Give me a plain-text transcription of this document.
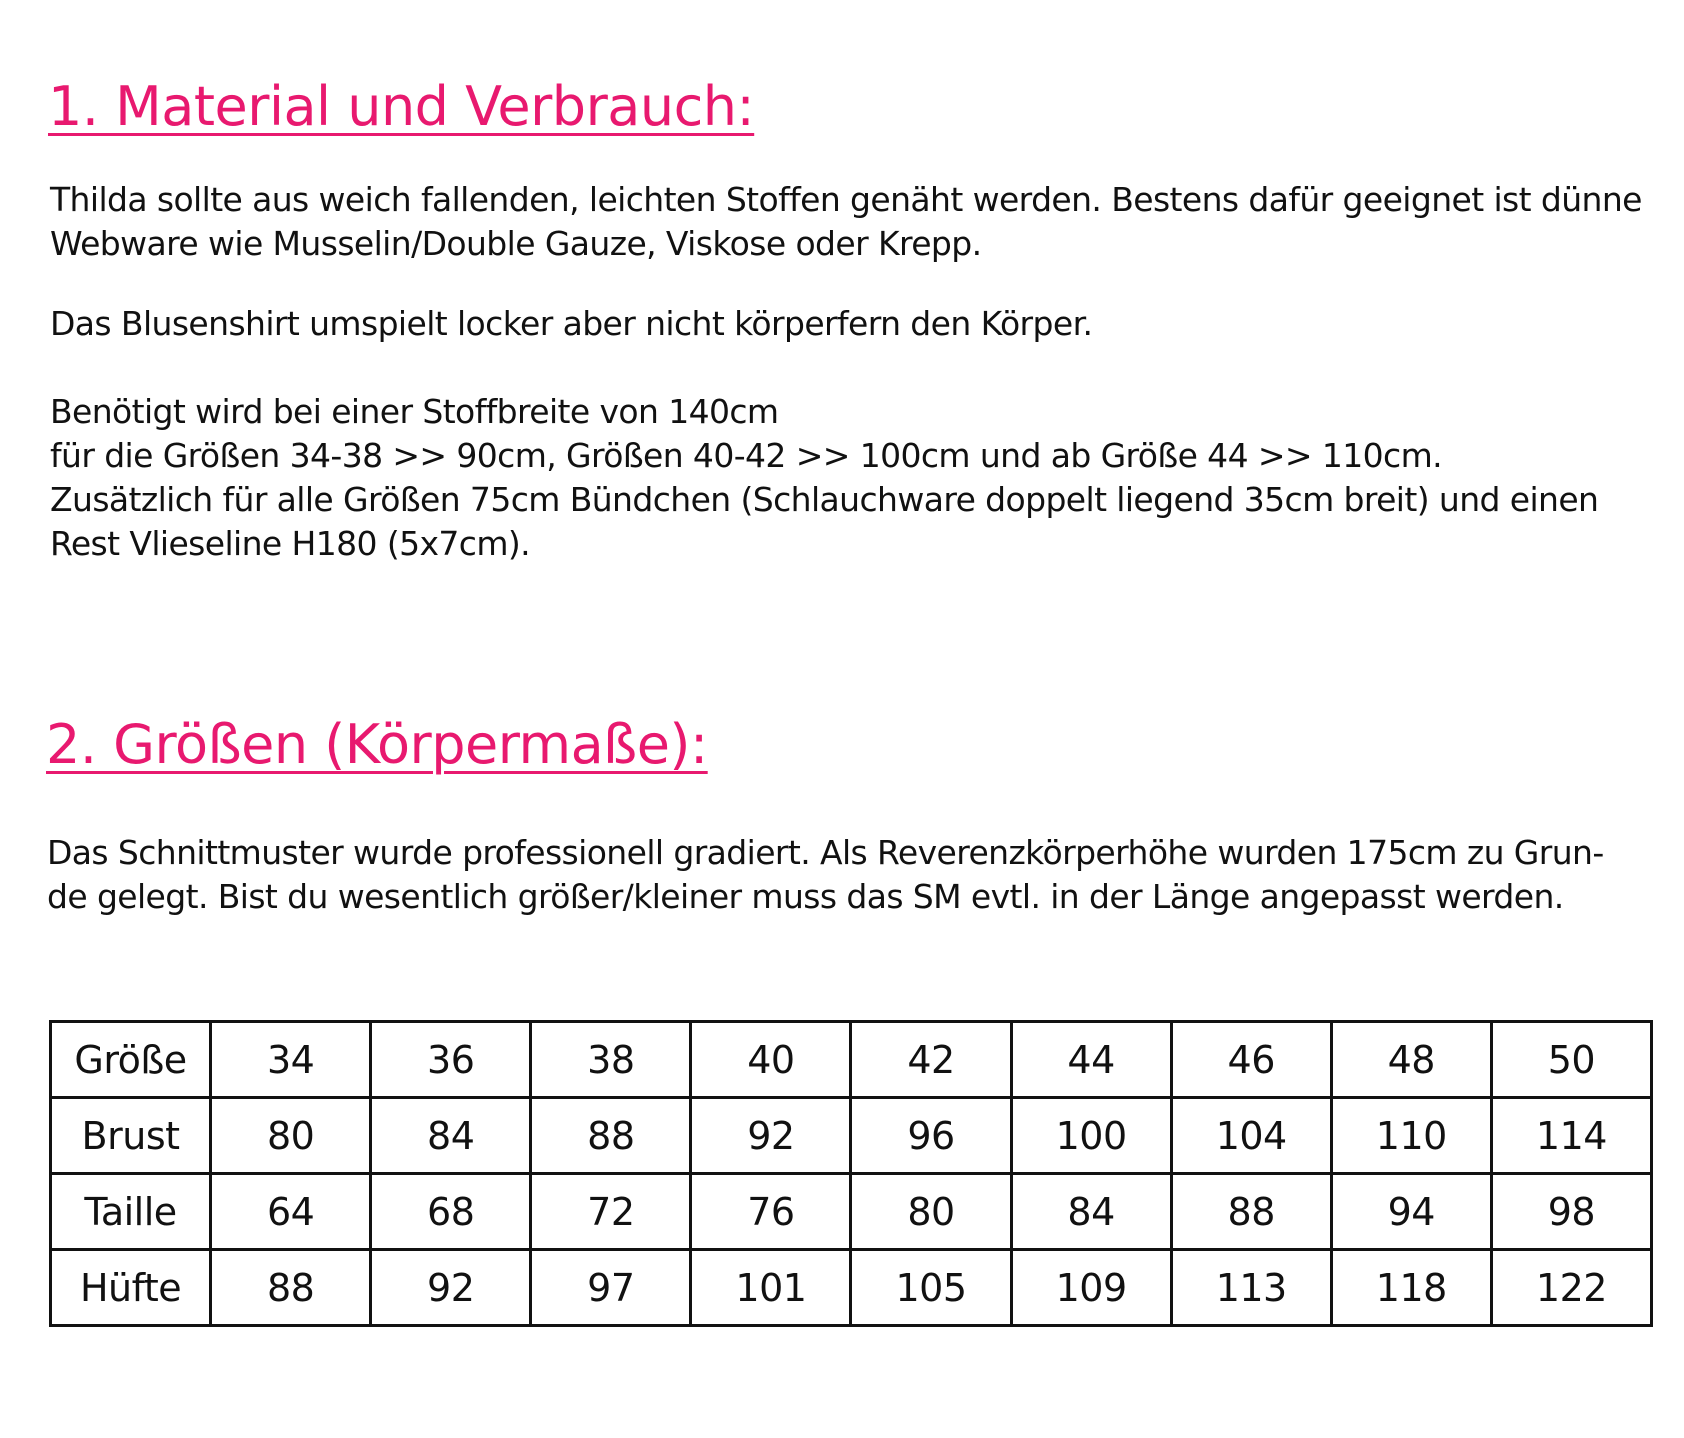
1. Material und Verbrauch:

Thilda sollte aus weich fallenden, leichten Stoffen genäht werden. Bestens dafür geeignet ist dünne
Webware wie Musselin/Double Gauze, Viskose oder Krepp.

Das Blusenshirt umspielt locker aber nicht körperfern den Körper.

Benötigt wird bei einer Stoffbreite von 140cm
für die Größen 34-38 >> 90cm, Größen 40-42 >> 100cm und ab Größe 44 >> 110cm.
Zusätzlich für alle Größen 75cm Bündchen (Schlauchware doppelt liegend 35cm breit) und einen
Rest Vlieseline H180 (5x7cm).

2. Größen (Körpermaße):

Das Schnittmuster wurde professionell gradiert. Als Reverenzkörperhöhe wurden 175cm zu Grun-
de gelegt. Bist du wesentlich größer/kleiner muss das SM evtl. in der Länge angepasst werden.

Größe	34	36	38	40	42	44	46	48	50
Brust	80	84	88	92	96	100	104	110	114
Taille	64	68	72	76	80	84	88	94	98
Hüfte	88	92	97	101	105	109	113	118	122
